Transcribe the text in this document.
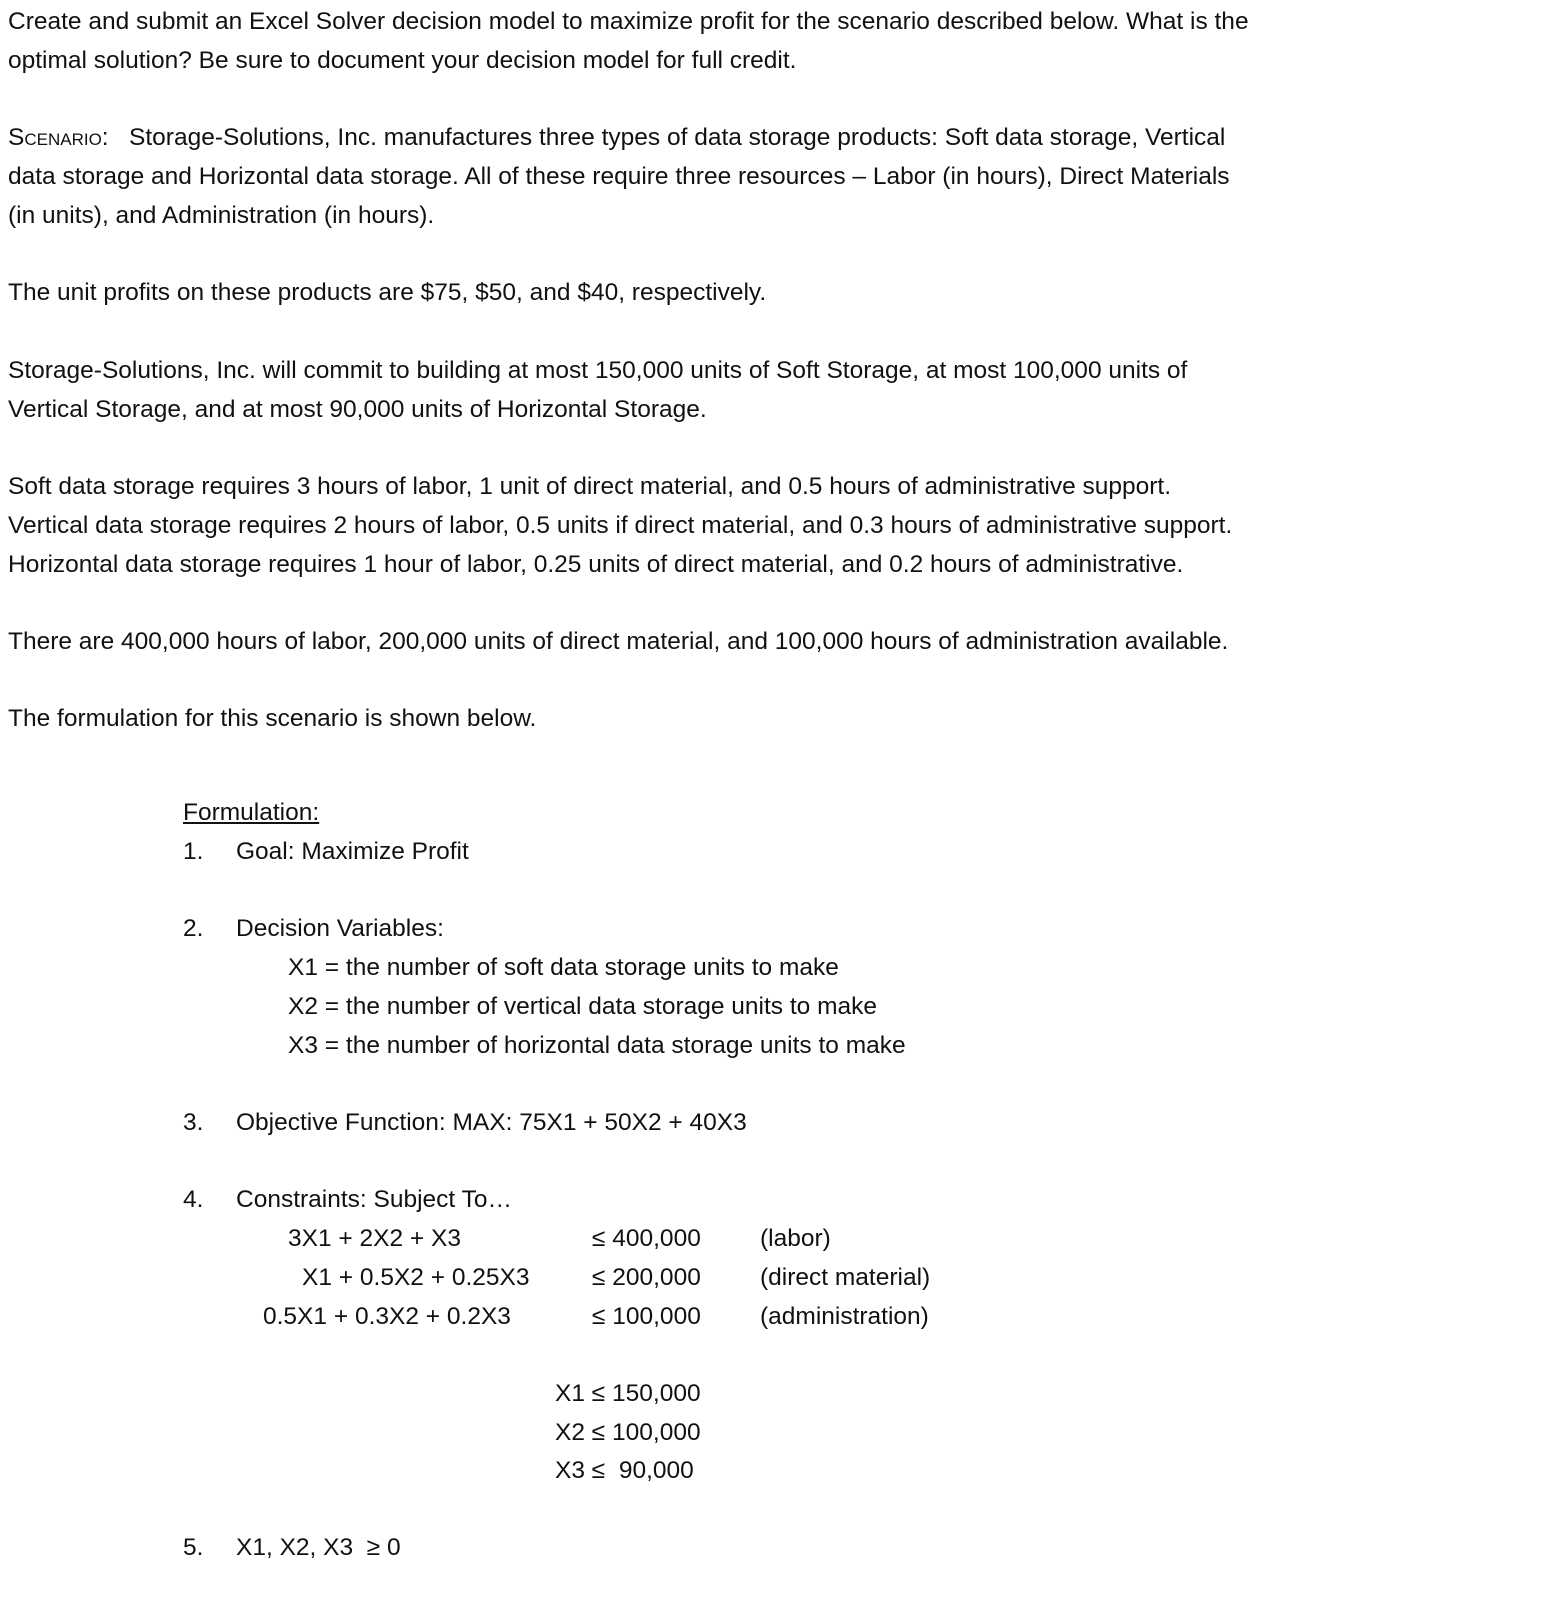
Create and submit an Excel Solver decision model to maximize profit for the scenario described below. What is the
optimal solution? Be sure to document your decision model for full credit.
Scenario: Storage-Solutions, Inc. manufactures three types of data storage products: Soft data storage, Vertical
data storage and Horizontal data storage. All of these require three resources – Labor (in hours), Direct Materials
(in units), and Administration (in hours).
The unit profits on these products are $75, $50, and $40, respectively.
Storage-Solutions, Inc. will commit to building at most 150,000 units of Soft Storage, at most 100,000 units of
Vertical Storage, and at most 90,000 units of Horizontal Storage.
Soft data storage requires 3 hours of labor, 1 unit of direct material, and 0.5 hours of administrative support.
Vertical data storage requires 2 hours of labor, 0.5 units if direct material, and 0.3 hours of administrative support.
Horizontal data storage requires 1 hour of labor, 0.25 units of direct material, and 0.2 hours of administrative.
There are 400,000 hours of labor, 200,000 units of direct material, and 100,000 hours of administration available.
The formulation for this scenario is shown below.
Formulation:
1. Goal: Maximize Profit
2. Decision Variables:
X1 = the number of soft data storage units to make
X2 = the number of vertical data storage units to make
X3 = the number of horizontal data storage units to make
3. Objective Function: MAX: 75X1 + 50X2 + 40X3
4. Constraints: Subject To…
3X1 + 2X2 + X3	≤ 400,000 (labor)
X1 + 0.5X2 + 0.25X3	≤ 200,000 (direct material)
0.5X1 + 0.3X2 + 0.2X3	≤ 100,000 (administration)
X1 ≤ 150,000
X2 ≤ 100,000
X3 ≤  90,000
5. X1, X2, X3  ≥ 0
